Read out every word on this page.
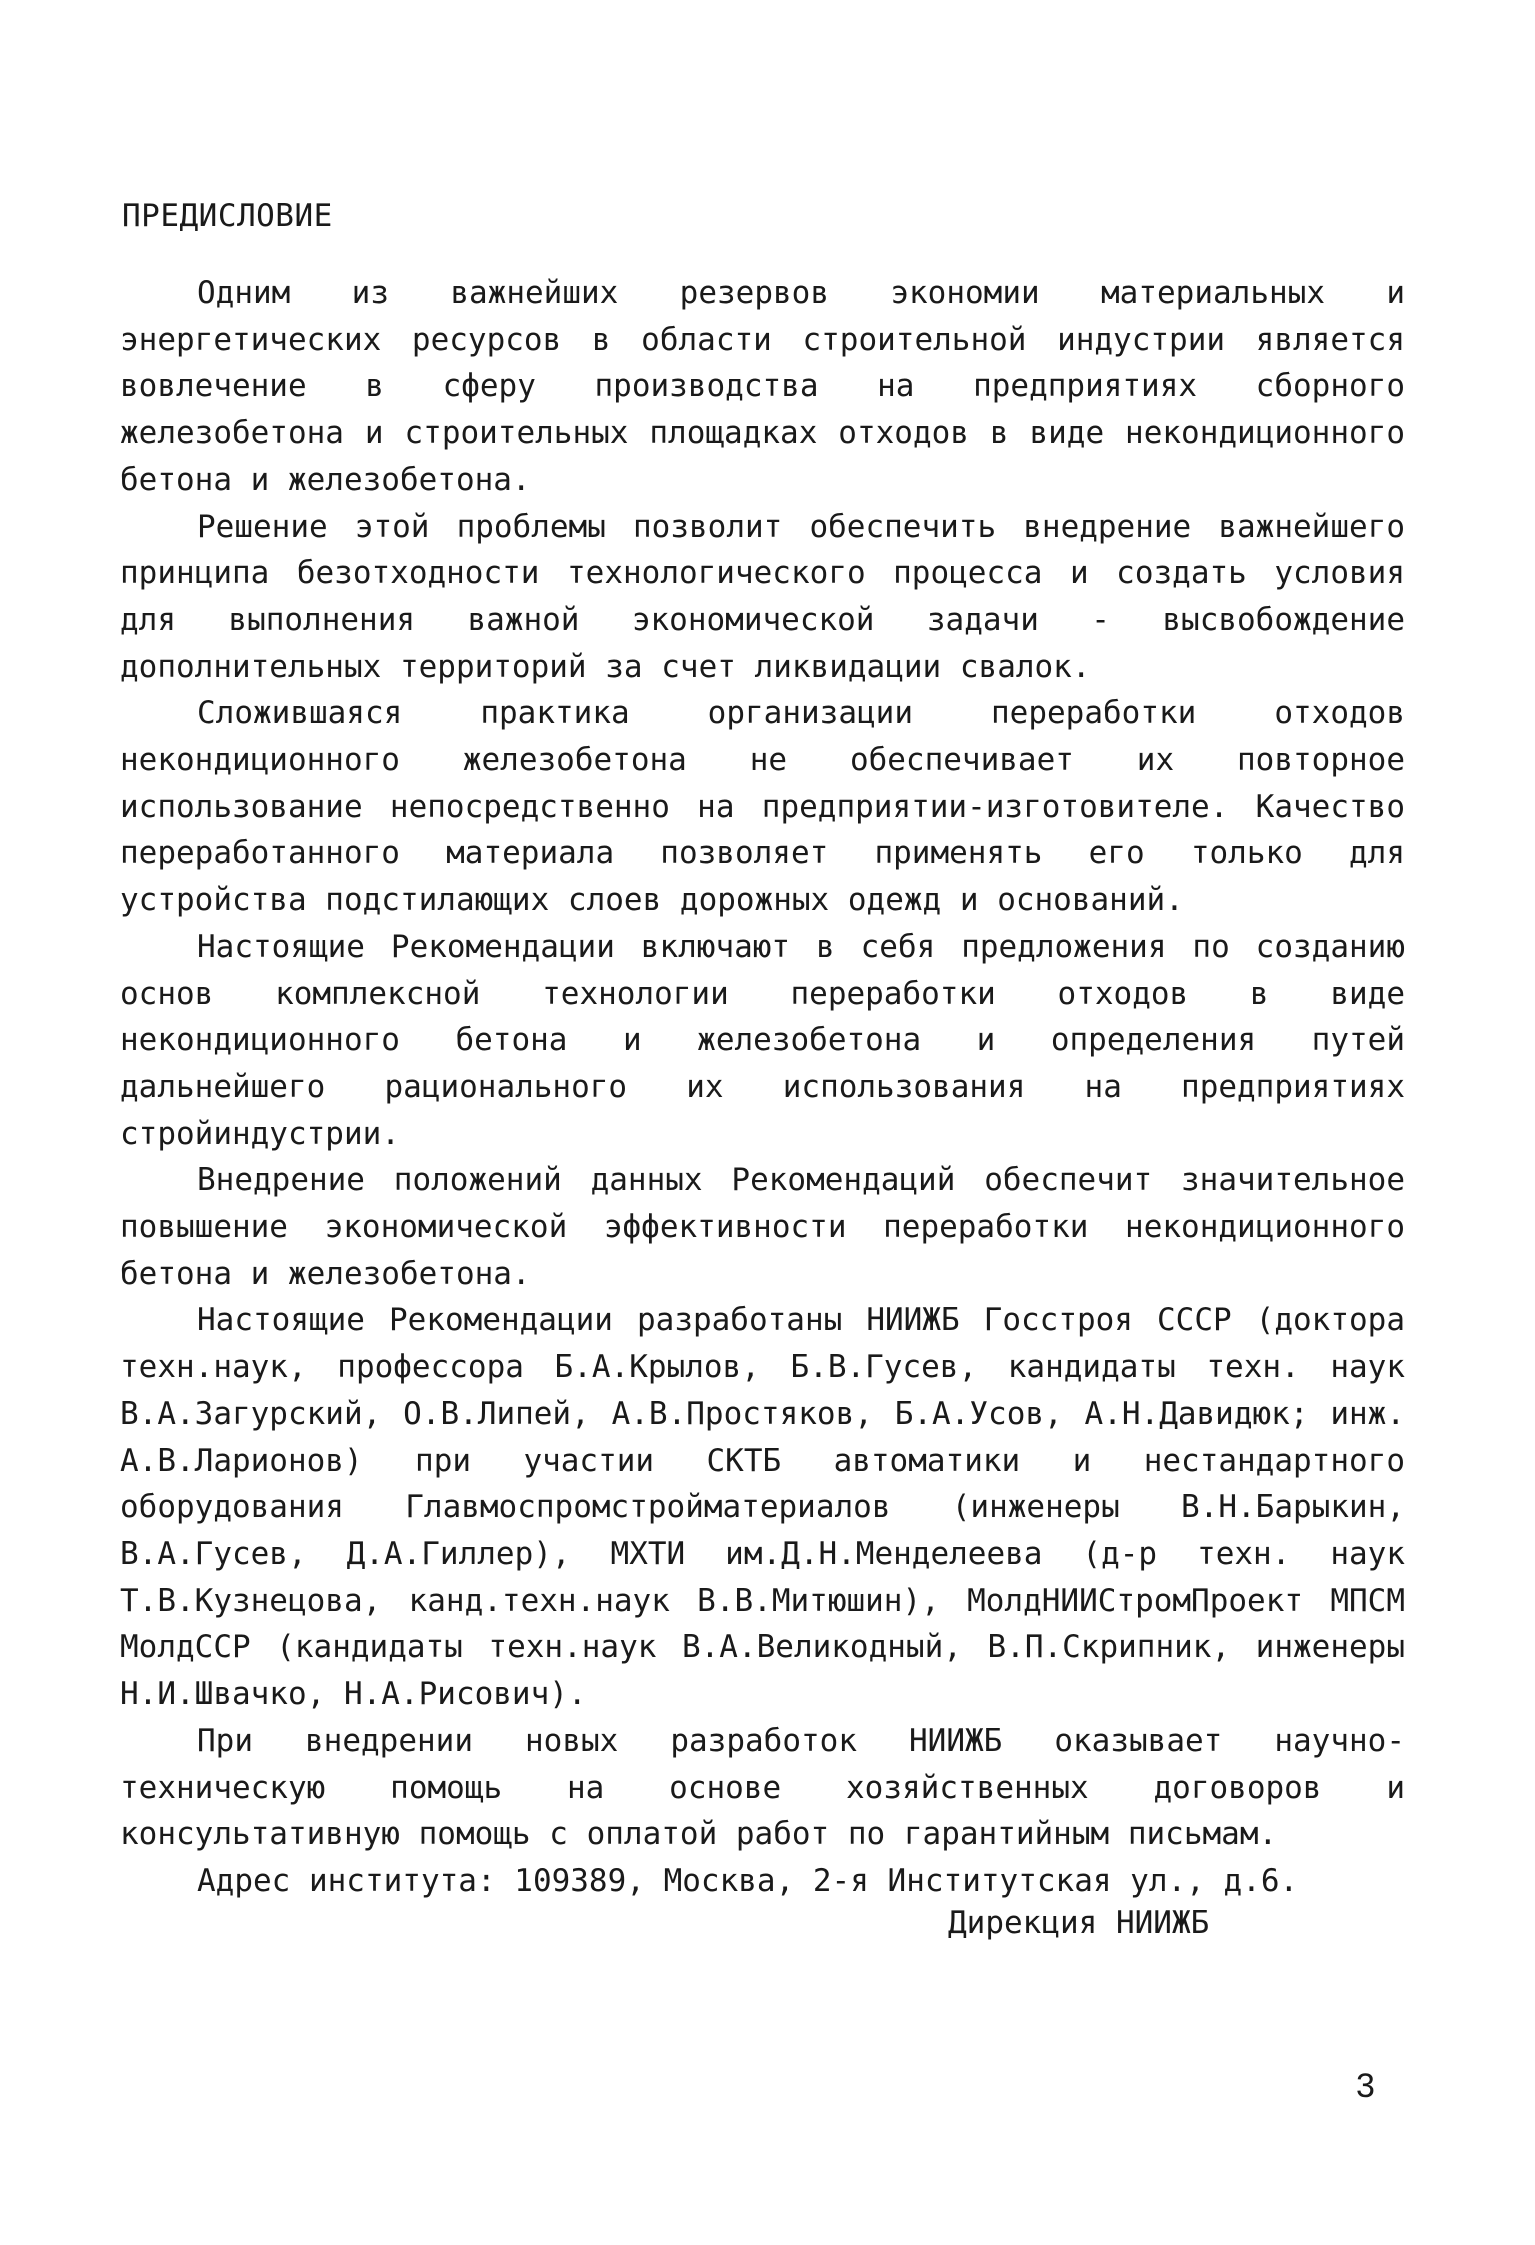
ПРЕДИСЛОВИЕ

Одним из важнейших резервов экономии материальных и энергетических ресурсов в области строительной индустрии является вовлечение в сферу производства на предприятиях сборного железобетона и строительных площадках отходов в виде некондиционного бетона и железобетона.

Решение этой проблемы позволит обеспечить внедрение важнейшего принципа безотходности технологического процесса и создать условия для выполнения важной экономической задачи - высвобождение дополнительных территорий за счет ликвидации свалок.

Сложившаяся практика организации переработки отходов некондиционного железобетона не обеспечивает их повторное использование непосредственно на предприятии-изготовителе. Качество переработанного материала позволяет применять его только для устройства подстилающих слоев дорожных одежд и оснований.

Настоящие Рекомендации включают в себя предложения по созданию основ комплексной технологии переработки отходов в виде некондиционного бетона и железобетона и определения путей дальнейшего рационального их использования на предприятиях стройиндустрии.

Внедрение положений данных Рекомендаций обеспечит значительное повышение экономической эффективности переработки некондиционного бетона и железобетона.

Настоящие Рекомендации разработаны НИИЖБ Госстроя СССР (доктора техн.наук, профессора Б.А.Крылов, Б.В.Гусев, кандидаты техн. наук В.А.Загурский, О.В.Липей, А.В.Простяков, Б.А.Усов, А.Н.Давидюк; инж. А.В.Ларионов) при участии СКТБ автоматики и нестандартного оборудования Главмоспромстройматериалов (инженеры В.Н.Барыкин, В.А.Гусев, Д.А.Гиллер), МХТИ им.Д.Н.Менделеева (д-р техн. наук Т.В.Кузнецова, канд.техн.наук В.В.Митюшин), МолдНИИСтромПроект МПСМ МолдССР (кандидаты техн.наук В.А.Великодный, В.П.Скрипник, инженеры Н.И.Швачко, Н.А.Рисович).

При внедрении новых разработок НИИЖБ оказывает научно-техническую помощь на основе хозяйственных договоров и консультативную помощь с оплатой работ по гарантийным письмам.

Адрес института: 109389, Москва, 2-я Институтская ул., д.6.

Дирекция НИИЖБ
3
